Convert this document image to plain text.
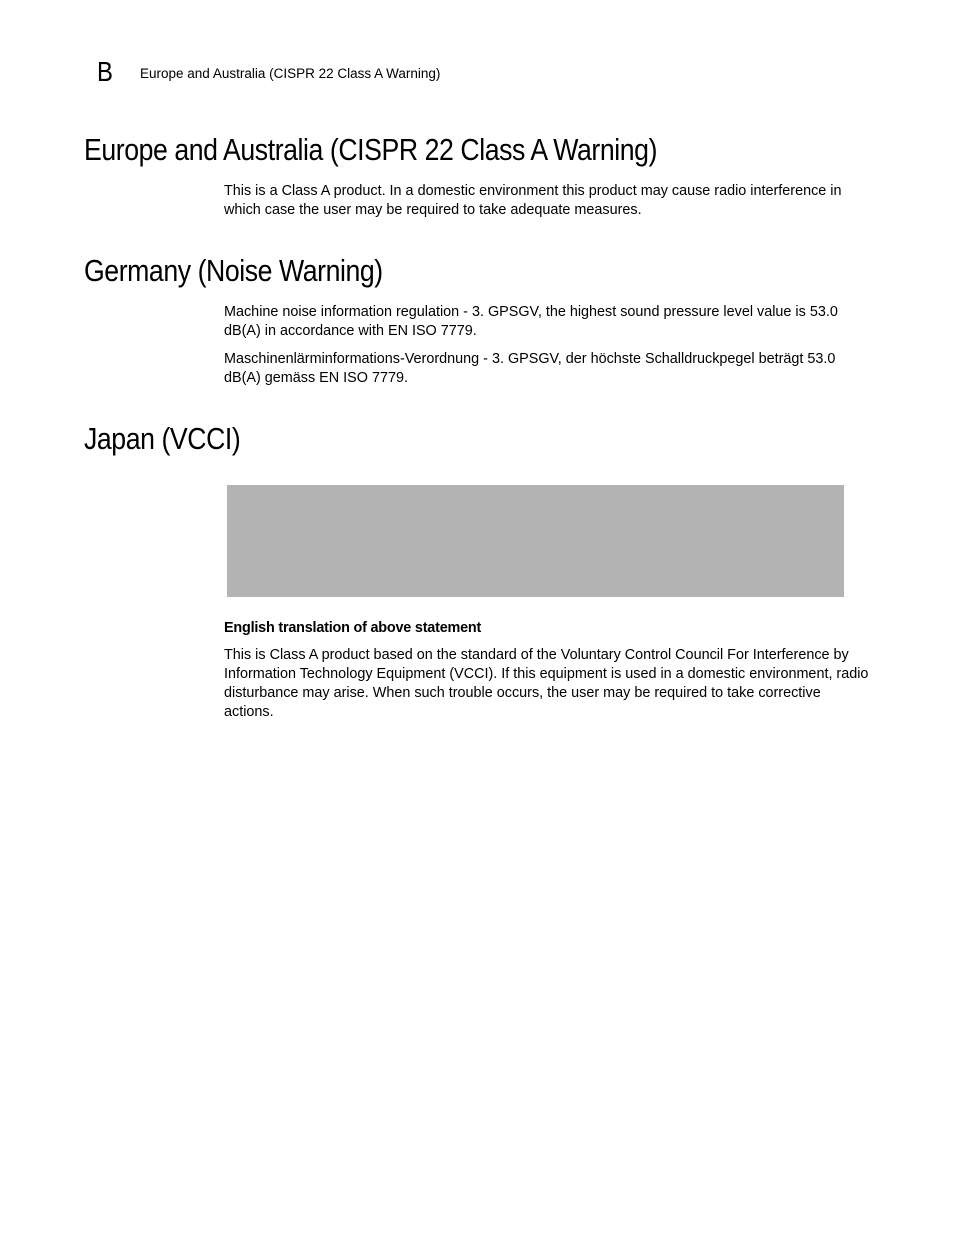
B	Europe and Australia (CISPR 22 Class A Warning)
Europe and Australia (CISPR 22 Class A Warning)

This is a Class A product. In a domestic environment this product may cause radio interference in which case the user may be required to take adequate measures.

Germany (Noise Warning)

Machine noise information regulation - 3. GPSGV, the highest sound pressure level value is 53.0 dB(A) in accordance with EN ISO 7779.

Maschinenlärminformations-Verordnung - 3. GPSGV, der höchste Schalldruckpegel beträgt 53.0 dB(A) gemäss EN ISO 7779.

Japan (VCCI)

English translation of above statement

This is Class A product based on the standard of the Voluntary Control Council For Interference by Information Technology Equipment (VCCI). If this equipment is used in a domestic environment, radio disturbance may arise. When such trouble occurs, the user may be required to take corrective actions.
